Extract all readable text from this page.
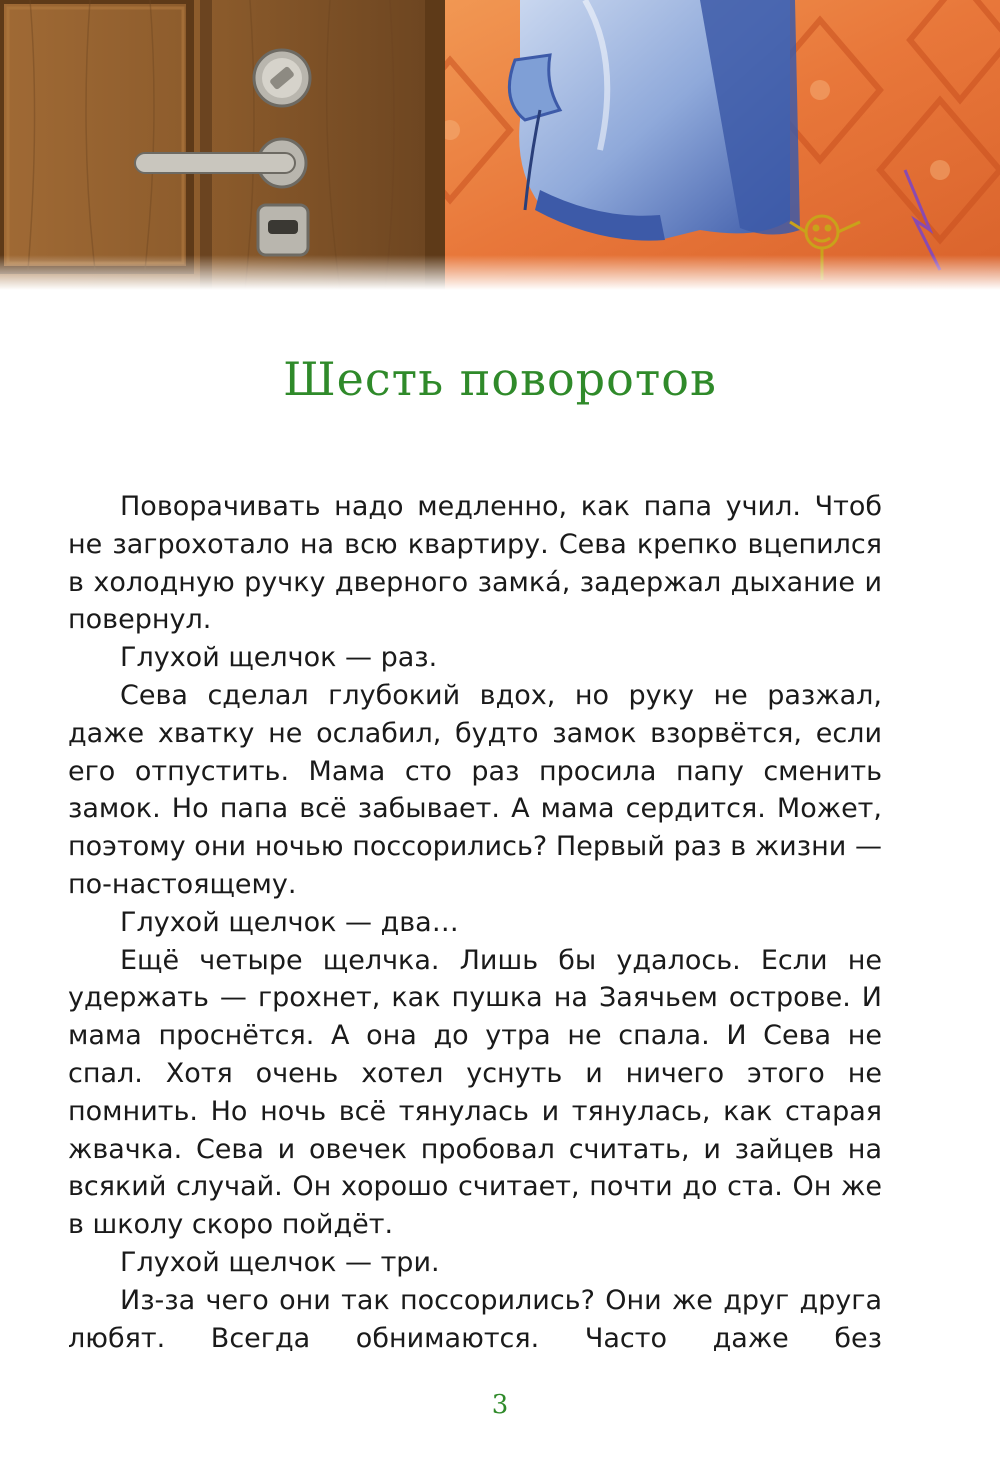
Шесть поворотов

Поворачивать надо медленно, как папа учил. Чтоб не загрохотало на всю квартиру. Сева крепко вцепился в холодную ручку дверного замкá, задержал дыхание и повернул.

Глухой щелчок — раз.

Сева сделал глубокий вдох, но руку не разжал, даже хватку не ослабил, будто замок взорвётся, если его отпустить. Мама сто раз просила папу сменить замок. Но папа всё забывает. А мама сердится. Может, поэтому они ночью поссорились? Первый раз в жизни — по-настоящему.

Глухой щелчок — два…

Ещё четыре щелчка. Лишь бы удалось. Если не удержать — грохнет, как пушка на Заячьем острове. И мама проснётся. А она до утра не спала. И Сева не спал. Хотя очень хотел уснуть и ничего этого не помнить. Но ночь всё тянулась и тянулась, как старая жвачка. Сева и овечек пробовал считать, и зайцев на всякий случай. Он хорошо считает, почти до ста. Он же в школу скоро пойдёт.

Глухой щелчок — три.

Из-за чего они так поссорились? Они же друг друга любят. Всегда обнимаются. Часто даже без

3
